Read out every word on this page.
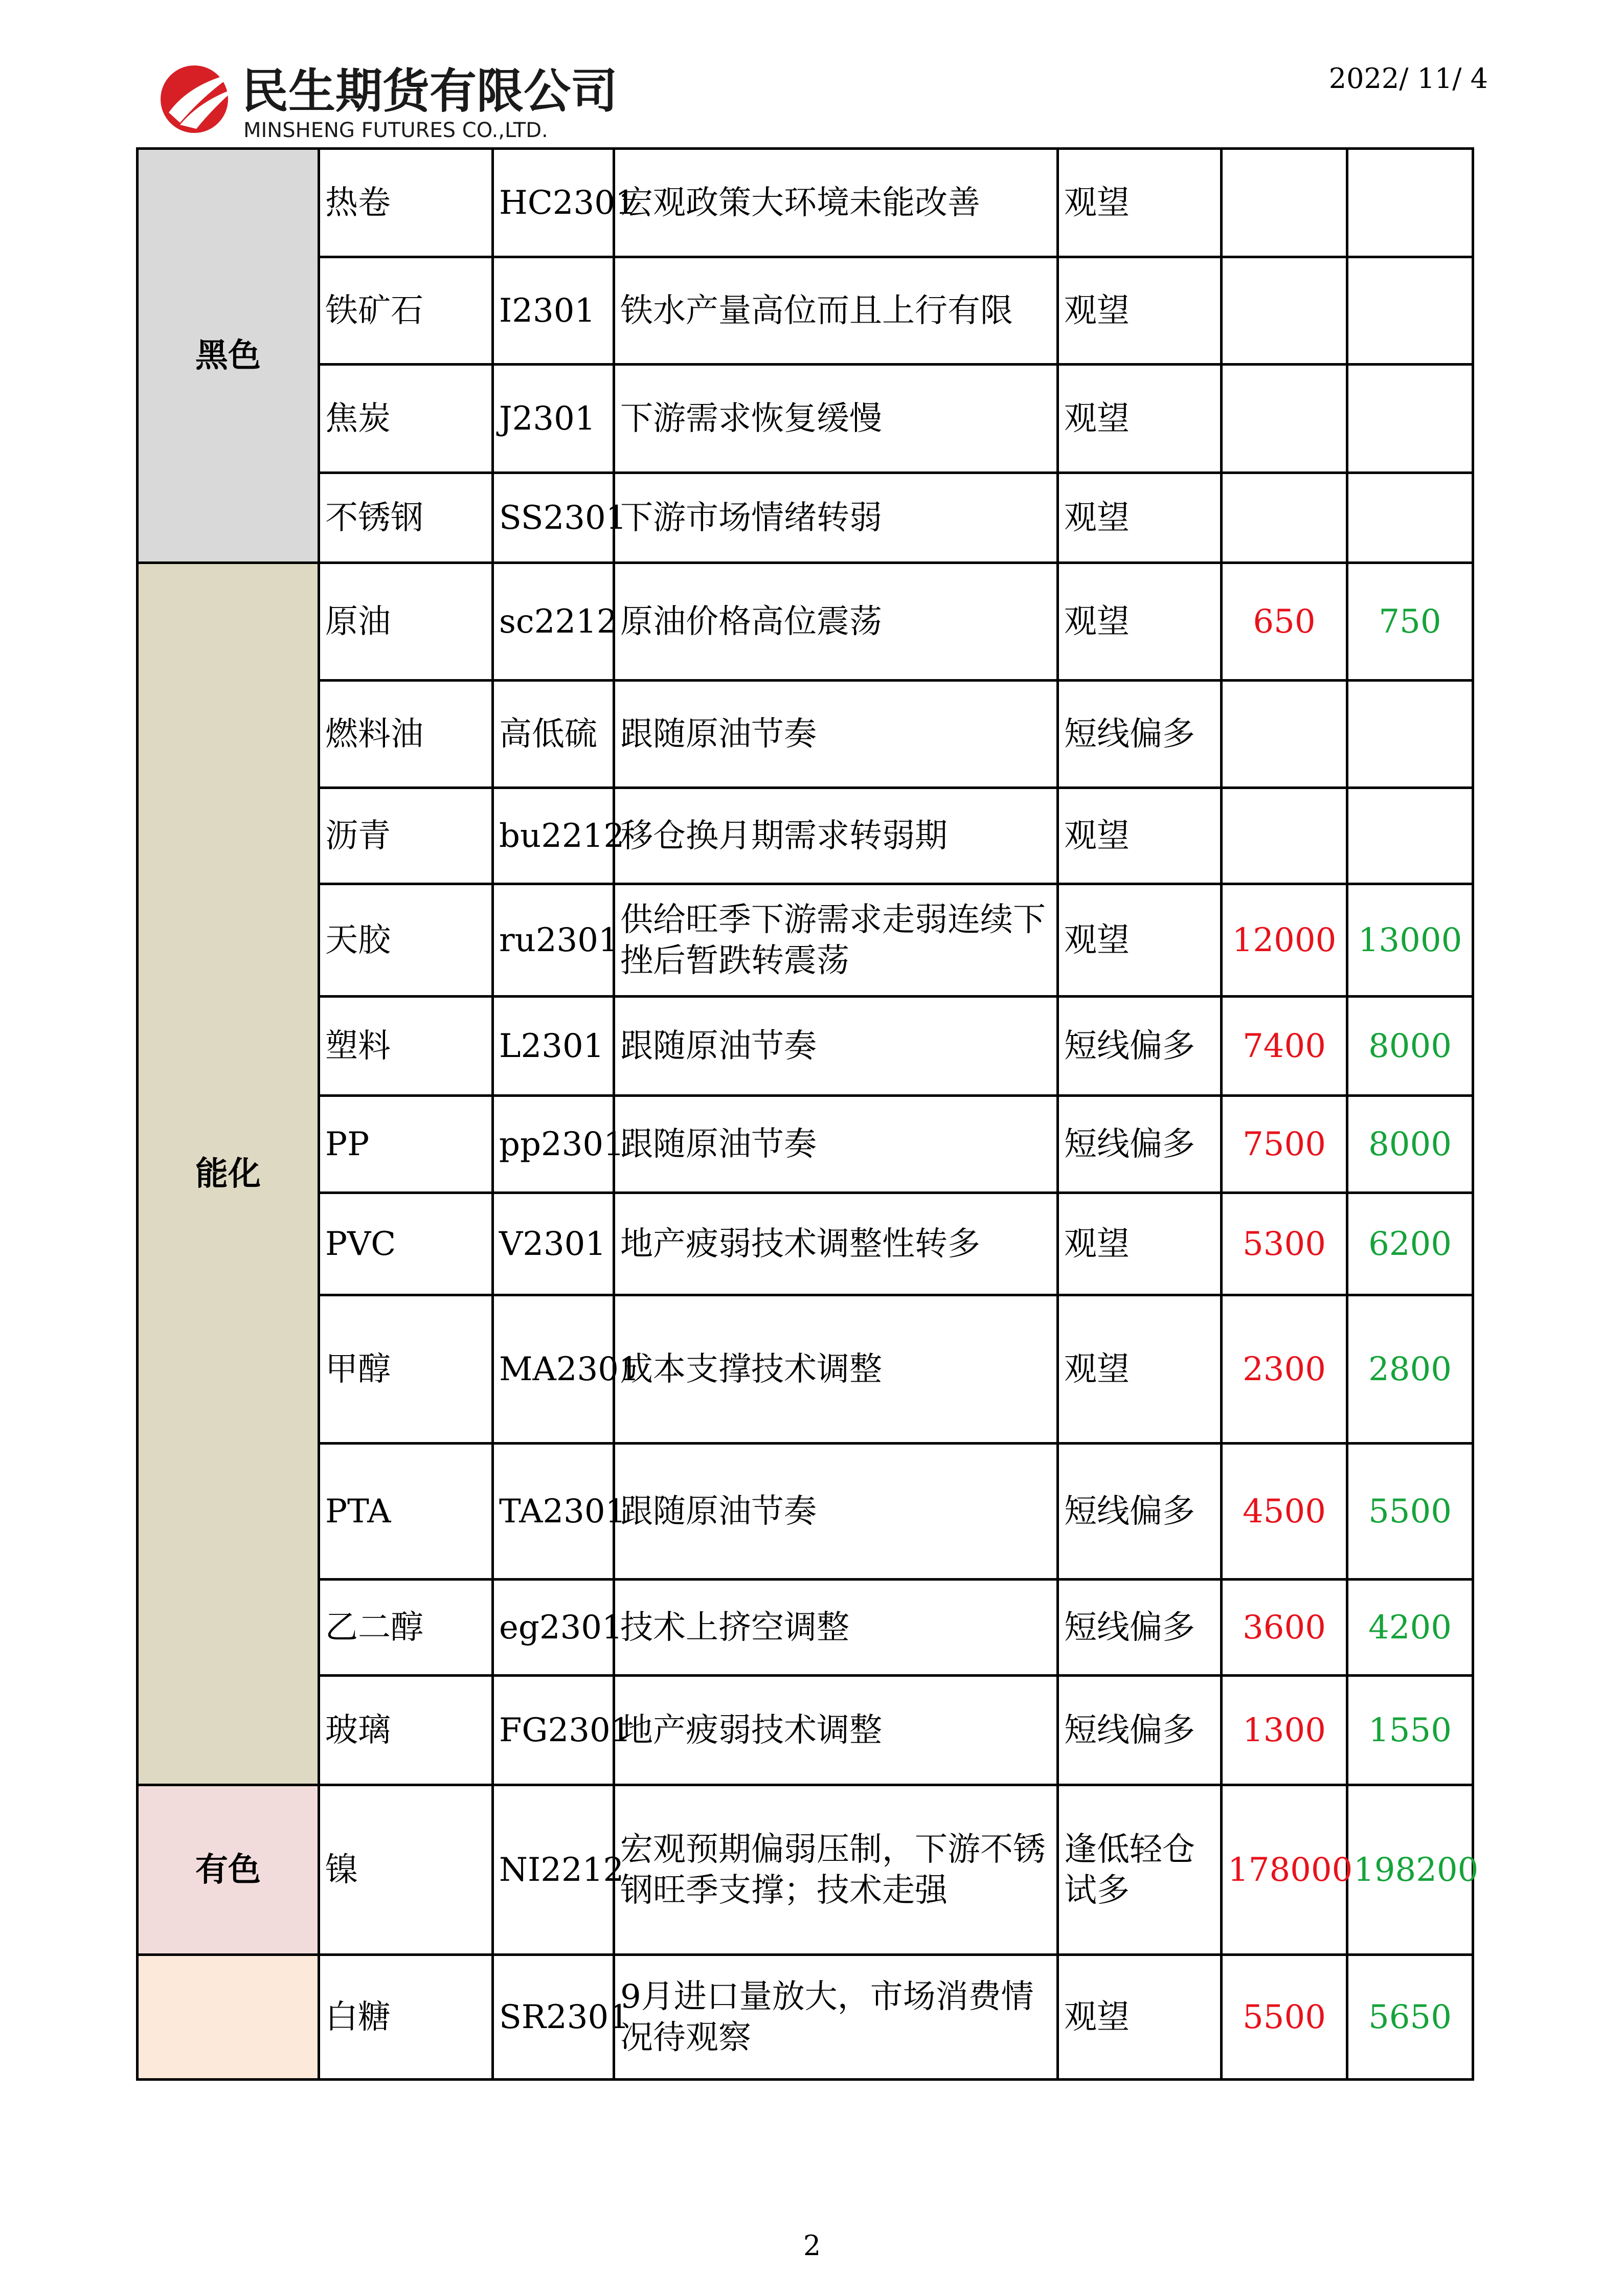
民生期货有限公司
MINSHENG FUTURES CO.,LTD.
2022/ 11/ 4
黑色	热卷	HC2301	宏观政策大环境未能改善	观望		
	铁矿石	I2301	铁水产量高位而且上行有限	观望		
	焦炭	J2301	下游需求恢复缓慢	观望		
	不锈钢	SS2301	下游市场情绪转弱	观望		
能化	原油	sc2212	原油价格高位震荡	观望	650	750
	燃料油	高低硫	跟随原油节奏	短线偏多		
	沥青	bu2212	移仓换月期需求转弱期	观望		
	天胶	ru2301	供给旺季下游需求走弱连续下挫后暂跌转震荡	观望	12000	13000
	塑料	L2301	跟随原油节奏	短线偏多	7400	8000
	PP	pp2301	跟随原油节奏	短线偏多	7500	8000
	PVC	V2301	地产疲弱技术调整性转多	观望	5300	6200
	甲醇	MA2301	成本支撑技术调整	观望	2300	2800
	PTA	TA2301	跟随原油节奏	短线偏多	4500	5500
	乙二醇	eg2301	技术上挤空调整	短线偏多	3600	4200
	玻璃	FG2301	地产疲弱技术调整	短线偏多	1300	1550
有色	镍	NI2212	宏观预期偏弱压制，下游不锈钢旺季支撑；技术走强	逢低轻仓试多	178000	198200
	白糖	SR2301	9月进口量放大，市场消费情况待观察	观望	5500	5650
2
